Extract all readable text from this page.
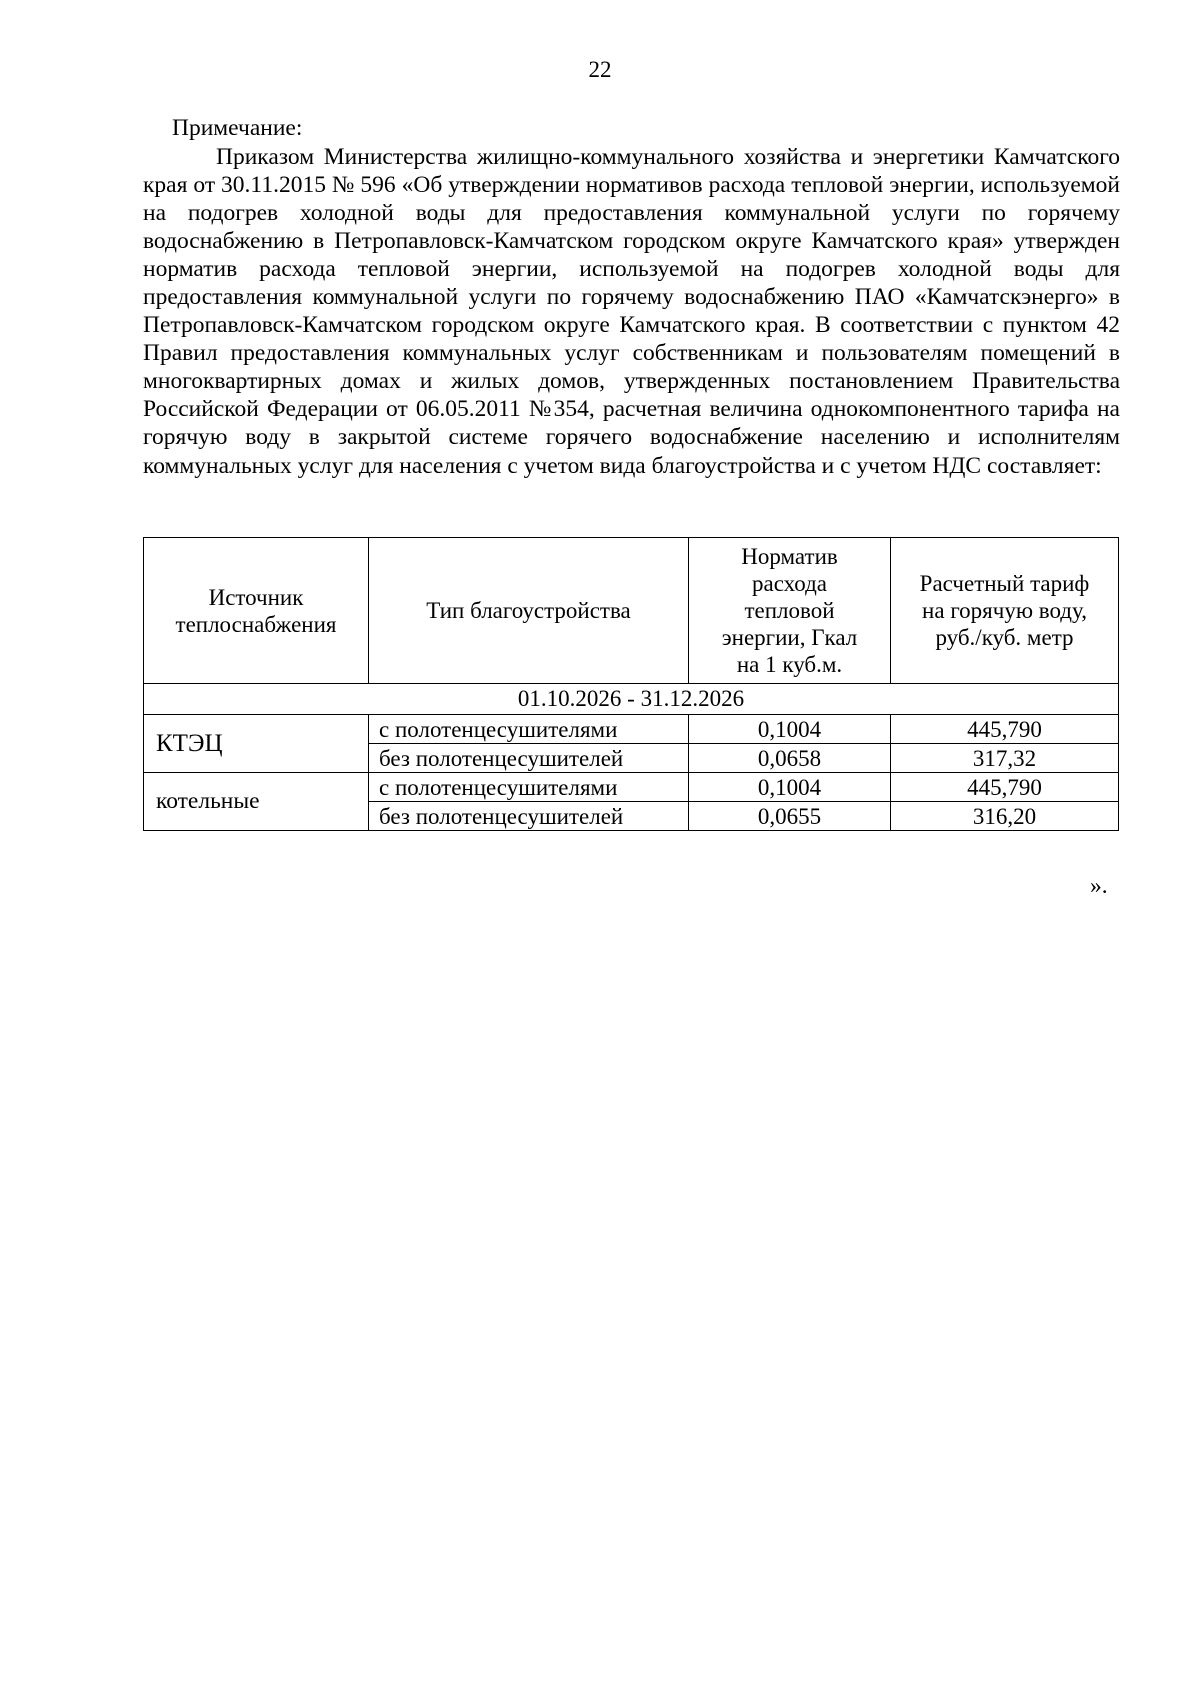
22
Примечание:

Приказом Министерства жилищно-коммунального хозяйства и энергетики Камчатского края от 30.11.2015 № 596 «Об утверждении нормативов расхода тепловой энергии, используемой на подогрев холодной воды для предоставления коммунальной услуги по горячему водоснабжению в Петропавловск-Камчатском городском округе Камчатского края» утвержден норматив расхода тепловой энергии, используемой на подогрев холодной воды для предоставления коммунальной услуги по горячему водоснабжению ПАО «Камчатскэнерго» в Петропавловск-Камчатском городском округе Камчатского края. В соответствии с пунктом 42 Правил предоставления коммунальных услуг собственникам и пользователям помещений в многоквартирных домах и жилых домов, утвержденных постановлением Правительства Российской Федерации от 06.05.2011 №354, расчетная величина однокомпонентного тарифа на горячую воду в закрытой системе горячего водоснабжение населению и исполнителям коммунальных услуг для населения с учетом вида благоустройства и с учетом НДС составляет:

Источник теплоснабжения	Тип благоустройства	Норматив расхода тепловой энергии, Гкал на 1 куб.м.	Расчетный тариф на горячую воду, руб./куб. метр
01.10.2026 - 31.12.2026			
КТЭЦ	с полотенцесушителями	0,1004	445,790
	без полотенцесушителей	0,0658	317,32
котельные	с полотенцесушителями	0,1004	445,790
	без полотенцесушителей	0,0655	316,20
».
